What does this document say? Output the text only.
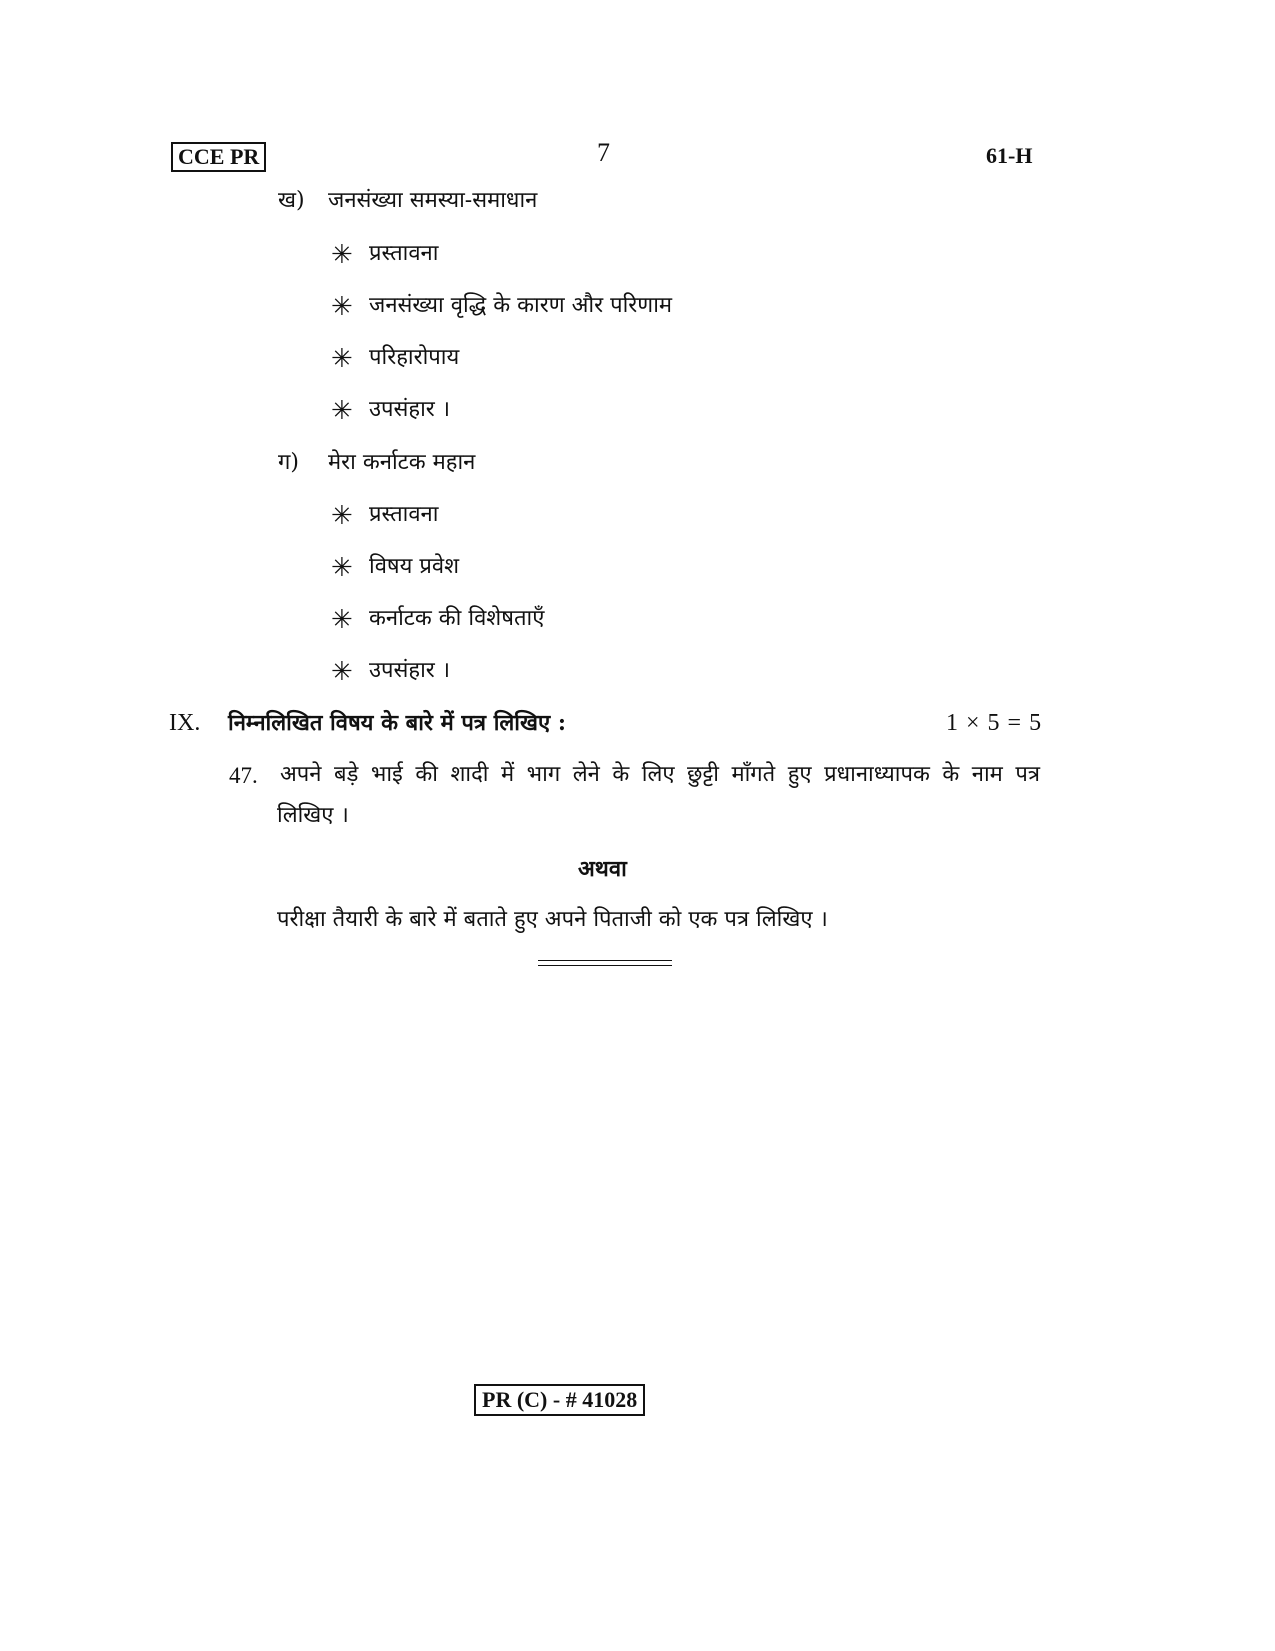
CCE PR	7	61-H
ख) जनसंख्या समस्या-समाधान
✳ प्रस्तावना
✳ जनसंख्या वृद्धि के कारण और परिणाम
✳ परिहारोपाय
✳ उपसंहार ।
ग) मेरा कर्नाटक महान
✳ प्रस्तावना
✳ विषय प्रवेश
✳ कर्नाटक की विशेषताएँ
✳ उपसंहार ।
IX. निम्नलिखित विषय के बारे में पत्र लिखिए :	1 × 5 = 5
47. अपने बड़े भाई की शादी में भाग लेने के लिए छुट्टी माँगते हुए प्रधानाध्यापक के नाम पत्र
लिखिए ।
अथवा
परीक्षा तैयारी के बारे में बताते हुए अपने पिताजी को एक पत्र लिखिए ।
PR (C) - # 41028
